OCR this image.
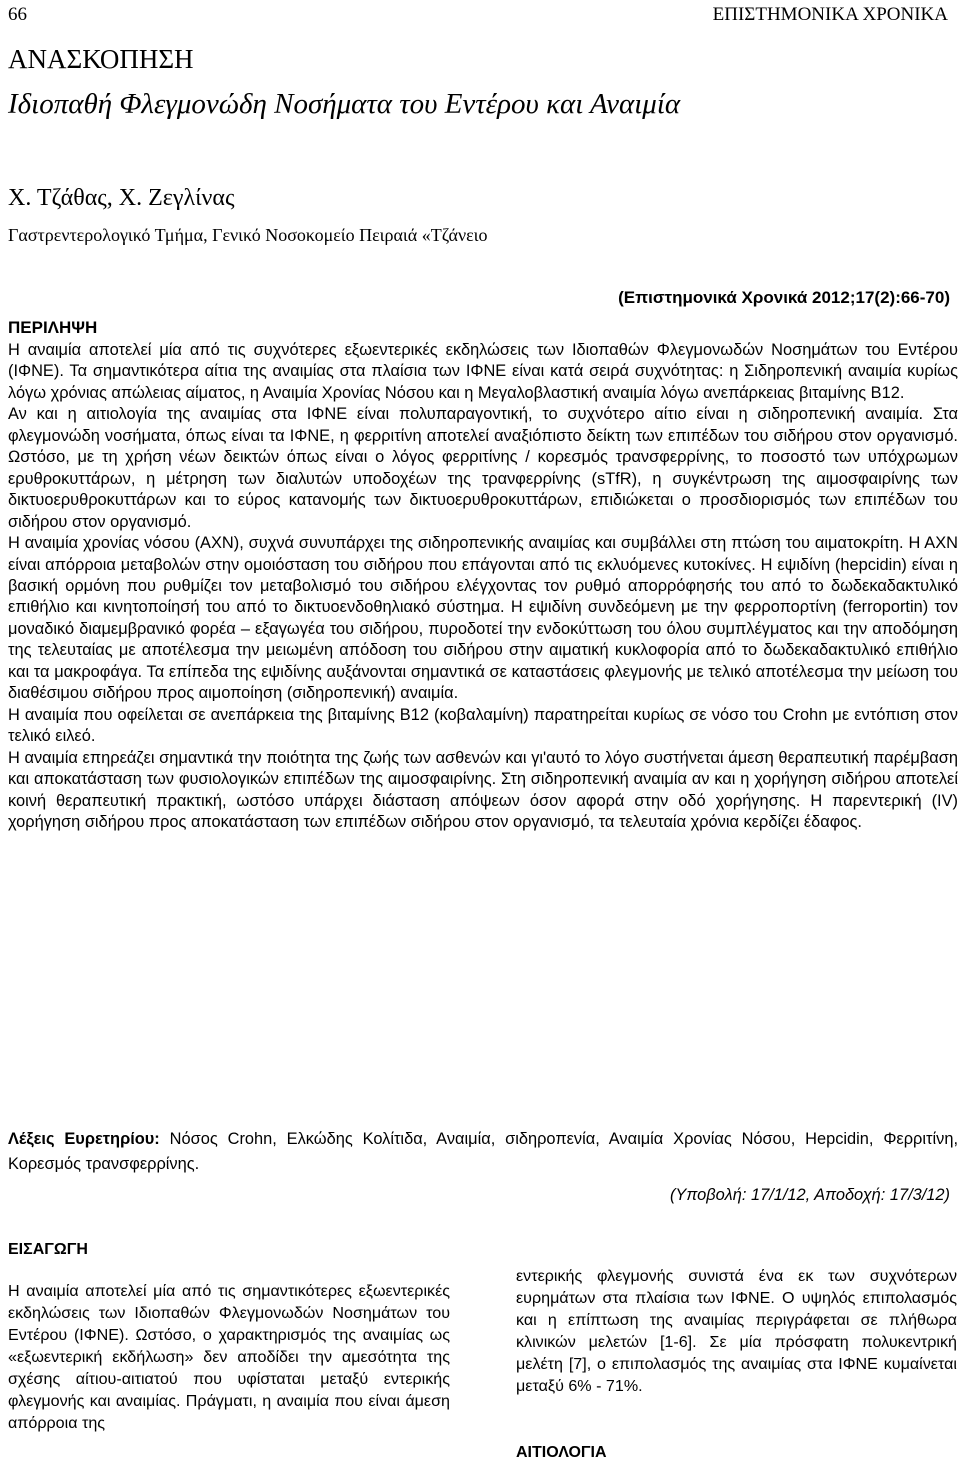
66	ΕΠΙΣΤΗΜΟΝΙΚΑ ΧΡΟΝΙΚΑ
ΑΝΑΣΚΟΠΗΣΗ
Ιδιοπαθή Φλεγμονώδη Νοσήματα του Εντέρου και Αναιμία
Χ. Τζάθας, Χ. Ζεγλίνας
Γαστρεντερολογικό Τμήμα, Γενικό Νοσοκομείο Πειραιά «Τζάνειο
(Επιστημονικά Χρονικά 2012;17(2):66-70)
ΠΕΡΙΛΗΨΗ

Η αναιμία αποτελεί μία από τις συχνότερες εξωεντερικές εκδηλώσεις των Ιδιοπαθών Φλεγμονωδών Νοσημάτων του Εντέρου (ΙΦΝΕ). Τα σημαντικότερα αίτια της αναιμίας στα πλαίσια των ΙΦΝΕ είναι κατά σειρά συχνότητας: η Σιδηροπενική αναιμία κυρίως λόγω χρόνιας απώλειας αίματος, η Αναιμία Χρονίας Νόσου και η Μεγαλοβλαστική αναιμία λόγω ανεπάρκειας βιταμίνης Β12.

Αν και η αιτιολογία της αναιμίας στα ΙΦΝΕ είναι πολυπαραγοντική, το συχνότερο αίτιο είναι η σιδηροπενική αναιμία. Στα φλεγμονώδη νοσήματα, όπως είναι τα ΙΦΝΕ, η φερριτίνη αποτελεί αναξιόπιστο δείκτη των επιπέδων του σιδήρου στον οργανισμό. Ωστόσο, με τη χρήση νέων δεικτών όπως είναι ο λόγος φερριτίνης / κορεσμός τρανσφερρίνης, το ποσοστό των υπόχρωμων ερυθροκυττάρων, η μέτρηση των διαλυτών υποδοχέων της τρανφερρίνης (sTfR), η συγκέντρωση της αιμοσφαιρίνης των δικτυοερυθροκυττάρων και το εύρος κατανομής των δικτυοερυθροκυττάρων, επιδιώκεται ο προσδιορισμός των επιπέδων του σιδήρου στον οργανισμό.

Η αναιμία χρονίας νόσου (ΑΧΝ), συχνά συνυπάρχει της σιδηροπενικής αναιμίας και συμβάλλει στη πτώση του αιματοκρίτη. Η ΑΧΝ είναι απόρροια μεταβολών στην ομοιόσταση του σιδήρου που επάγονται από τις εκλυόμενες κυτοκίνες. Η εψιδίνη (hepcidin) είναι η βασική ορμόνη που ρυθμίζει τον μεταβολισμό του σιδήρου ελέγχοντας τον ρυθμό απορρόφησής του από το δωδεκαδακτυλικό επιθήλιο και κινητοποίησή του από το δικτυοενδοθηλιακό σύστημα. Η εψιδίνη συνδεόμενη με την φερροπορτίνη (ferroportin) τον μοναδικό διαμεμβρανικό φορέα – εξαγωγέα του σιδήρου, πυροδοτεί την ενδοκύττωση του όλου συμπλέγματος και την αποδόμηση της τελευταίας με αποτέλεσμα την μειωμένη απόδοση του σιδήρου στην αιματική κυκλοφορία από το δωδεκαδακτυλικό επιθήλιο και τα μακροφάγα. Τα επίπεδα της εψιδίνης αυξάνονται σημαντικά σε καταστάσεις φλεγμονής με τελικό αποτέλεσμα την μείωση του διαθέσιμου σιδήρου προς αιμοποίηση (σιδηροπενική) αναιμία.

Η αναιμία που οφείλεται σε ανεπάρκεια της βιταμίνης Β12 (κοβαλαμίνη) παρατηρείται κυρίως σε νόσο του Crohn με εντόπιση στον τελικό ειλεό.

Η αναιμία επηρεάζει σημαντικά την ποιότητα της ζωής των ασθενών και γι'αυτό το λόγο συστήνεται άμεση θεραπευτική παρέμβαση και αποκατάσταση των φυσιολογικών επιπέδων της αιμοσφαιρίνης. Στη σιδηροπενική αναιμία αν και η χορήγηση σιδήρου αποτελεί κοινή θεραπευτική πρακτική, ωστόσο υπάρχει διάσταση απόψεων όσον αφορά στην οδό χορήγησης. Η παρεντερική (IV) χορήγηση σιδήρου προς αποκατάσταση των επιπέδων σιδήρου στον οργανισμό, τα τελευταία χρόνια κερδίζει έδαφος.

Λέξεις Ευρετηρίου: Νόσος Crohn, Ελκώδης Κολίτιδα, Αναιμία, σιδηροπενία, Αναιμία Χρονίας Νόσου, Hepcidin, Φερριτίνη, Κορεσμός τρανσφερρίνης.
(Υποβολή: 17/1/12, Αποδοχή: 17/3/12)
ΕΙΣΑΓΩΓΗ
Η αναιμία αποτελεί μία από τις σημαντικότερες εξωεντερικές εκδηλώσεις των Ιδιοπαθών Φλεγμονωδών Νοσημάτων του Εντέρου (ΙΦΝΕ). Ωστόσο, ο χαρακτηρισμός της αναιμίας ως «εξωεντερική εκδήλωση» δεν αποδίδει την αμεσότητα της σχέσης αίτιου-αιτιατού που υφίσταται μεταξύ εντερικής φλεγμονής και αναιμίας. Πράγματι, η αναιμία που είναι άμεση απόρροια της
εντερικής φλεγμονής συνιστά ένα εκ των συχνότερων ευρημάτων στα πλαίσια των ΙΦΝΕ. Ο υψηλός επιπολασμός και η επίπτωση της αναιμίας περιγράφεται σε πλήθωρα κλινικών μελετών [1-6]. Σε μία πρόσφατη πολυκεντρική μελέτη [7], ο επιπολασμός της αναιμίας στα ΙΦΝΕ κυμαίνεται μεταξύ 6% - 71%.
ΑΙΤΙΟΛΟΓΙΑ
